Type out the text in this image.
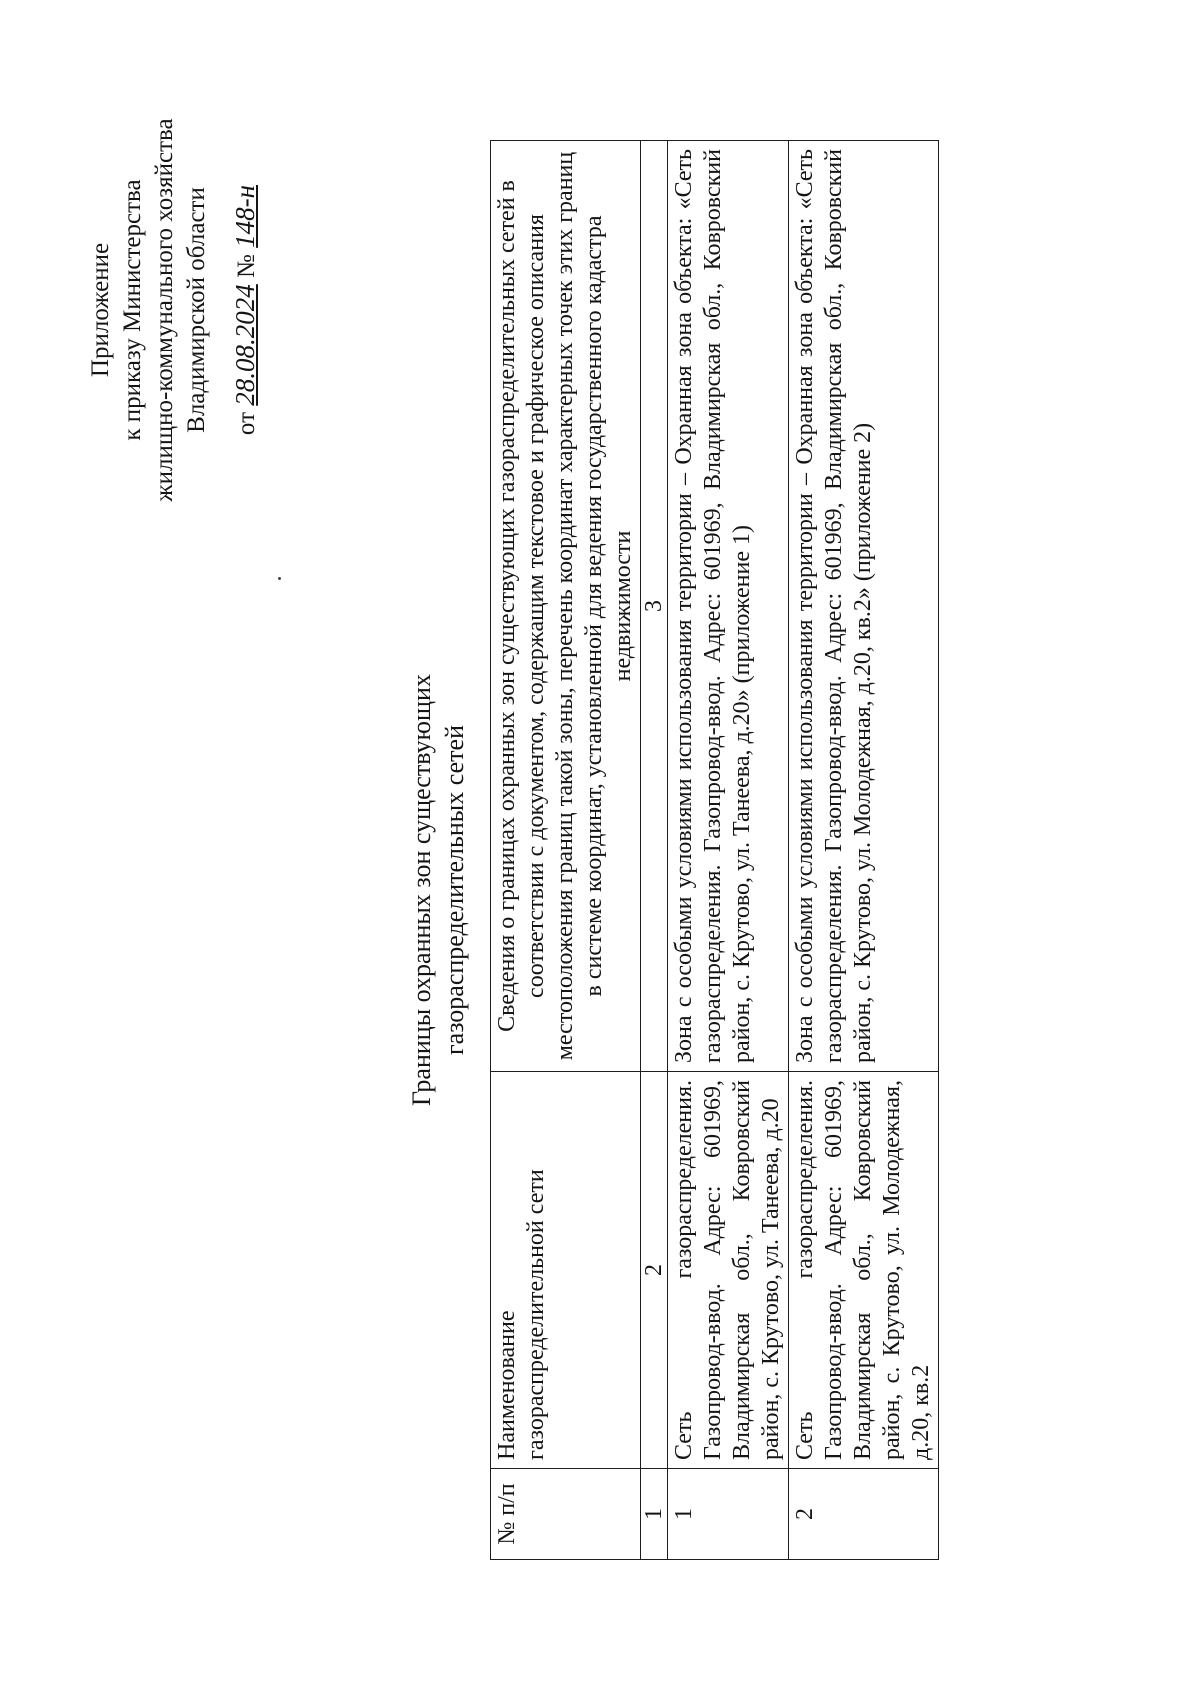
Приложение к приказу Министерства жилищно-коммунального хозяйства Владимирской области от 28.08.2024 № 148-н
Границы охранных зон существующих газораспределительных сетей
№ п/п	Наименование газораспределительной сети	Сведения о границах охранных зон существующих газораспределительных сетей в соответствии с документом, содержащим текстовое и графическое описания местоположения границ такой зоны, перечень координат характерных точек этих границ в системе координат, установленной для ведения государственного кадастра недвижимости
1	2	3
1	Сеть газораспределения. Газопровод-ввод. Адрес: 601969, Владимирская обл., Ковровский район, с. Крутово, ул. Танеева, д.20	Зона с особыми условиями использования территории – Охранная зона объекта: «Сеть газораспределения. Газопровод-ввод. Адрес: 601969, Владимирская обл., Ковровский район, с. Крутово, ул. Танеева, д.20» (приложение 1)
2	Сеть газораспределения. Газопровод-ввод. Адрес: 601969, Владимирская обл., Ковровский район, с. Крутово, ул. Молодежная, д.20, кв.2	Зона с особыми условиями использования территории – Охранная зона объекта: «Сеть газораспределения. Газопровод-ввод. Адрес: 601969, Владимирская обл., Ковровский район, с. Крутово, ул. Молодежная, д.20, кв.2» (приложение 2)
